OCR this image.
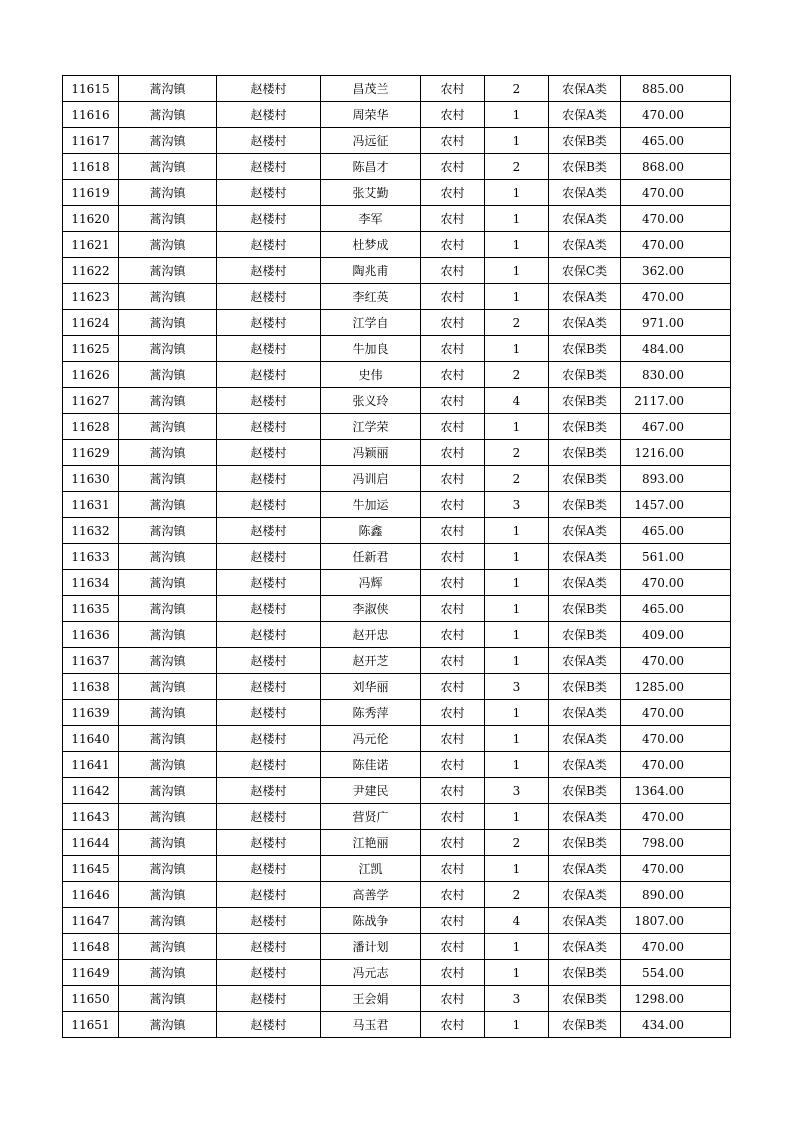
11615	蒿沟镇	赵楼村	昌茂兰	农村	2	农保A类	885.00
11616	蒿沟镇	赵楼村	周荣华	农村	1	农保A类	470.00
11617	蒿沟镇	赵楼村	冯远征	农村	1	农保B类	465.00
11618	蒿沟镇	赵楼村	陈昌才	农村	2	农保B类	868.00
11619	蒿沟镇	赵楼村	张艾勤	农村	1	农保A类	470.00
11620	蒿沟镇	赵楼村	李军	农村	1	农保A类	470.00
11621	蒿沟镇	赵楼村	杜梦成	农村	1	农保A类	470.00
11622	蒿沟镇	赵楼村	陶兆甫	农村	1	农保C类	362.00
11623	蒿沟镇	赵楼村	李红英	农村	1	农保A类	470.00
11624	蒿沟镇	赵楼村	江学自	农村	2	农保A类	971.00
11625	蒿沟镇	赵楼村	牛加良	农村	1	农保B类	484.00
11626	蒿沟镇	赵楼村	史伟	农村	2	农保B类	830.00
11627	蒿沟镇	赵楼村	张义玲	农村	4	农保B类	2117.00
11628	蒿沟镇	赵楼村	江学荣	农村	1	农保B类	467.00
11629	蒿沟镇	赵楼村	冯颖丽	农村	2	农保B类	1216.00
11630	蒿沟镇	赵楼村	冯训启	农村	2	农保B类	893.00
11631	蒿沟镇	赵楼村	牛加运	农村	3	农保B类	1457.00
11632	蒿沟镇	赵楼村	陈鑫	农村	1	农保A类	465.00
11633	蒿沟镇	赵楼村	任新君	农村	1	农保A类	561.00
11634	蒿沟镇	赵楼村	冯辉	农村	1	农保A类	470.00
11635	蒿沟镇	赵楼村	李淑侠	农村	1	农保B类	465.00
11636	蒿沟镇	赵楼村	赵开忠	农村	1	农保B类	409.00
11637	蒿沟镇	赵楼村	赵开芝	农村	1	农保A类	470.00
11638	蒿沟镇	赵楼村	刘华丽	农村	3	农保B类	1285.00
11639	蒿沟镇	赵楼村	陈秀萍	农村	1	农保A类	470.00
11640	蒿沟镇	赵楼村	冯元伦	农村	1	农保A类	470.00
11641	蒿沟镇	赵楼村	陈佳诺	农村	1	农保A类	470.00
11642	蒿沟镇	赵楼村	尹建民	农村	3	农保B类	1364.00
11643	蒿沟镇	赵楼村	营贤广	农村	1	农保A类	470.00
11644	蒿沟镇	赵楼村	江艳丽	农村	2	农保B类	798.00
11645	蒿沟镇	赵楼村	江凯	农村	1	农保A类	470.00
11646	蒿沟镇	赵楼村	高善学	农村	2	农保A类	890.00
11647	蒿沟镇	赵楼村	陈战争	农村	4	农保A类	1807.00
11648	蒿沟镇	赵楼村	潘计划	农村	1	农保A类	470.00
11649	蒿沟镇	赵楼村	冯元志	农村	1	农保B类	554.00
11650	蒿沟镇	赵楼村	王会娟	农村	3	农保B类	1298.00
11651	蒿沟镇	赵楼村	马玉君	农村	1	农保B类	434.00
